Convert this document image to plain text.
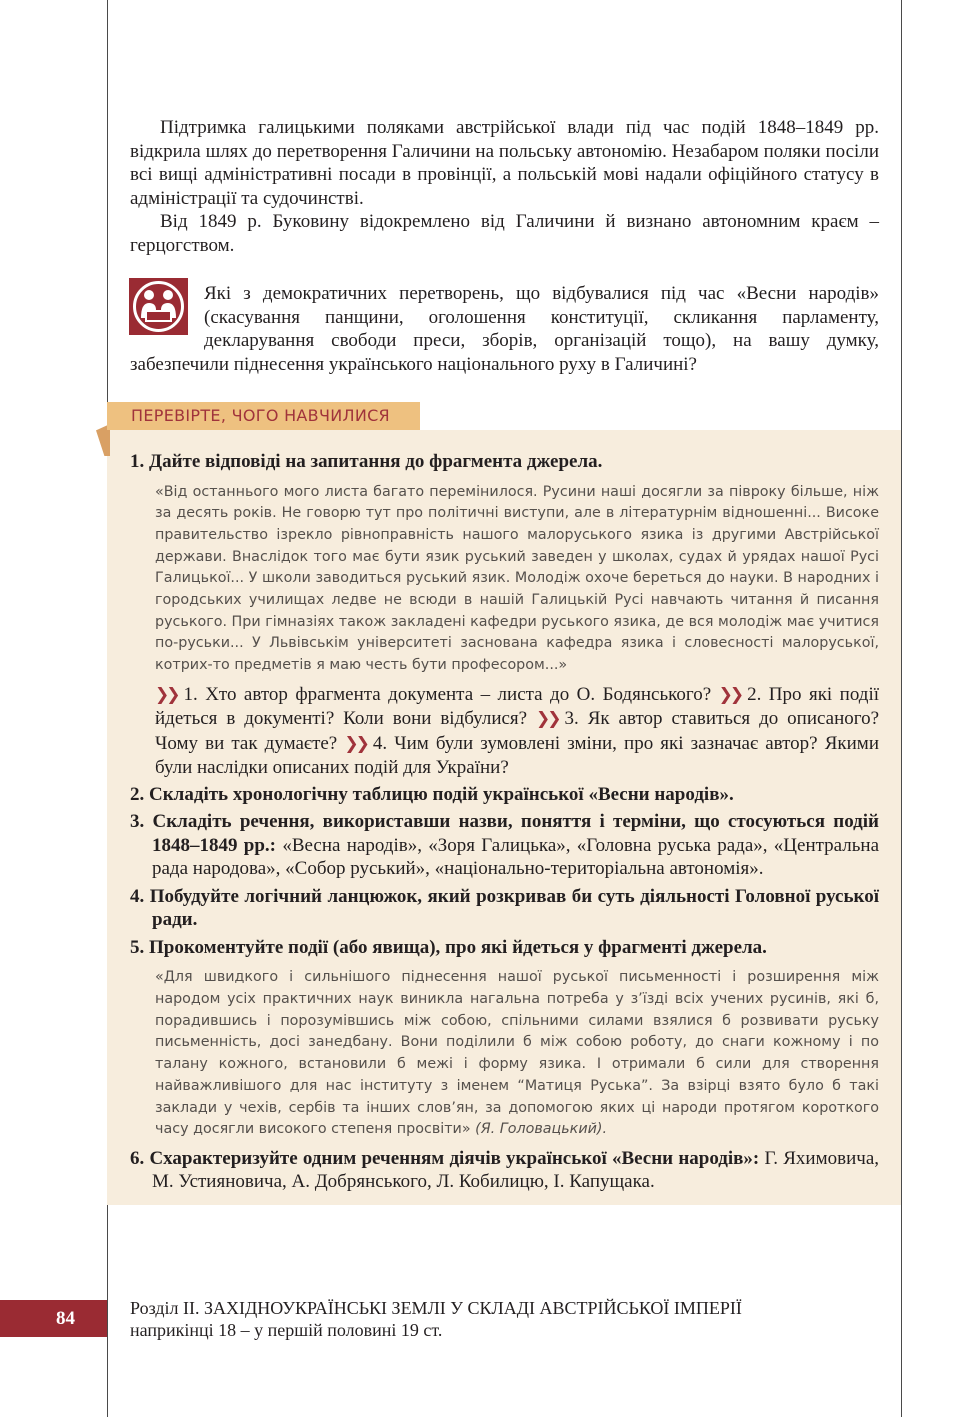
Підтримка галицькими поляками австрійської влади під час подій 1848–1849 рр. відкрила шлях до перетворення Галичини на польську автономію. Незабаром поляки посіли всі вищі адміністративні посади в провінції, а польській мові надали офіційного статусу в адміністрації та судочинстві.

Від 1849 р. Буковину відокремлено від Галичини й визнано автономним краєм – герцогством.

Які з демократичних перетворень, що відбувалися під час «Весни народів» (скасування панщини, оголошення конституції, скликання парламенту, декларування свободи преси, зборів, організацій тощо), на вашу думку, забезпечили піднесення українського національного руху в Галичині?

ПЕРЕВІРТЕ, ЧОГО НАВЧИЛИСЯ

1. Дайте відповіді на запитання до фрагмента джерела.

«Від останнього мого листа багато перемінилося. Русини наші досягли за півроку більше, ніж за десять років. Не говорю тут про політичні виступи, але в літературнім відношенні... Високе правительство ізрекло рівноправність нашого малоруського язика із другими Австрійської держави. Внаслідок того має бути язик руський заведен у школах, судах й урядах нашої Русі Галицької... У школи заводиться руський язик. Молодіж охоче береться до науки. В народних і городських училищах ледве не всюди в нашій Галицькій Русі навчають читання й писання руського. При гімназіях також закладені кафедри руського язика, де вся молодіж має учитися по-руськи... У Львівськім університеті заснована кафедра язика і словесності малоруської, котрих-то предметів я маю честь бути професором...»

❯❯ 1. Хто автор фрагмента документа – листа до О. Бодянського? ❯❯ 2. Про які події йдеться в документі? Коли вони відбулися? ❯❯ 3. Як автор ставиться до описаного? Чому ви так думаєте? ❯❯ 4. Чим були зумовлені зміни, про які зазначає автор? Якими були наслідки описаних подій для України?

2. Складіть хронологічну таблицю подій української «Весни народів».

3. Складіть речення, використавши назви, поняття і терміни, що стосуються подій 1848–1849 рр.: «Весна народів», «Зоря Галицька», «Головна руська рада», «Центральна рада народова», «Собор руський», «національно-територіальна автономія».

4. Побудуйте логічний ланцюжок, який розкривав би суть діяльності Головної руської ради.

5. Прокоментуйте події (або явища), про які йдеться у фрагменті джерела.

«Для швидкого і сильнішого піднесення нашої руської письменності і розширення між народом усіх практичних наук виникла нагальна потреба у з’їзді всіх учених русинів, які б, порадившись і порозумівшись між собою, спільними силами взялися б розвивати руську письменність, досі занедбану. Вони поділили б між собою роботу, до снаги кожному і по талану кожного, встановили б межі і форму язика. І отримали б сили для створення найважливішого для нас інституту з іменем “Матиця Руська”. За взірці взято було б такі заклади у чехів, сербів та інших слов’ян, за допомогою яких ці народи протягом короткого часу досягли високого степеня просвіти» (Я. Головацький).

6. Схарактеризуйте одним реченням діячів української «Весни народів»: Г. Яхимовича, М. Устияновича, А. Добрянського, Л. Кобилицю, І. Капущака.

84	Розділ ІІ. ЗАХІДНОУКРАЇНСЬКІ ЗЕМЛІ У СКЛАДІ АВСТРІЙСЬКОЇ ІМПЕРІЇ
наприкінці 18 – у першій половині 19 ст.
